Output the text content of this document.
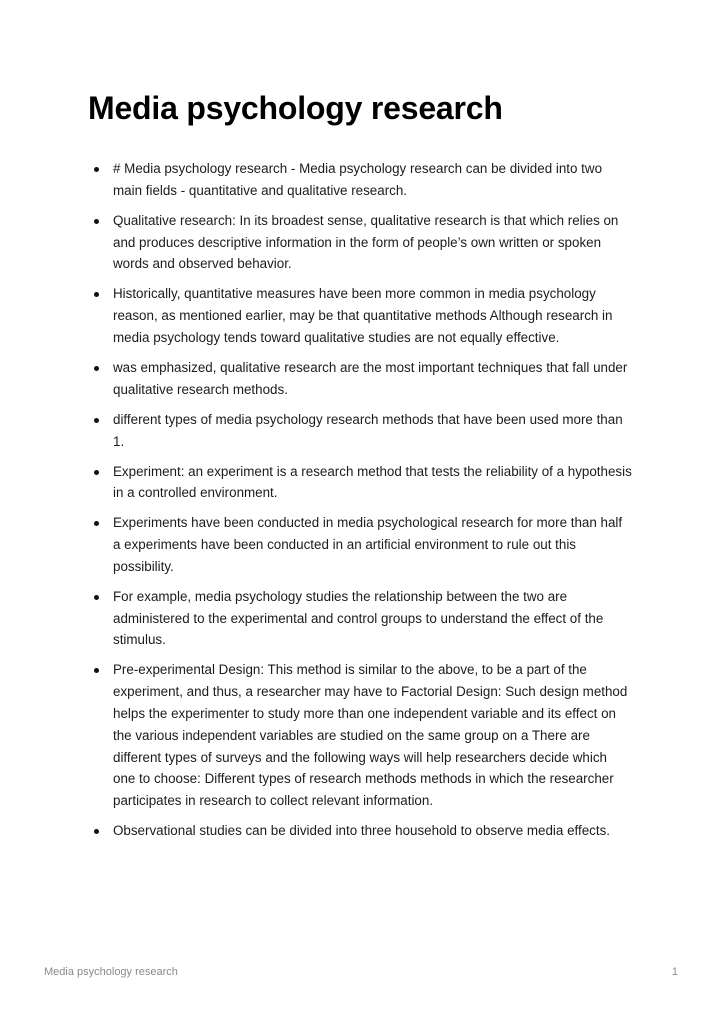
Media psychology research
# Media psychology research - Media psychology research can be divided into two main fields - quantitative and qualitative research.
Qualitative research: In its broadest sense, qualitative research is that which relies on and produces descriptive information in the form of people’s own written or spoken words and observed behavior.
Historically, quantitative measures have been more common in media psychology reason, as mentioned earlier, may be that quantitative methods Although research in media psychology tends toward qualitative studies are not equally effective.
was emphasized, qualitative research are the most important techniques that fall under qualitative research methods.
different types of media psychology research methods that have been used more than 1.
Experiment: an experiment is a research method that tests the reliability of a hypothesis in a controlled environment.
Experiments have been conducted in media psychological research for more than half a experiments have been conducted in an artificial environment to rule out this possibility.
For example, media psychology studies the relationship between the two are administered to the experimental and control groups to understand the effect of the stimulus.
Pre-experimental Design: This method is similar to the above, to be a part of the experiment, and thus, a researcher may have to Factorial Design: Such design method helps the experimenter to study more than one independent variable and its effect on the various independent variables are studied on the same group on a There are different types of surveys and the following ways will help researchers decide which one to choose: Different types of research methods methods in which the researcher participates in research to collect relevant information.
Observational studies can be divided into three household to observe media effects.
Media psychology research	1
